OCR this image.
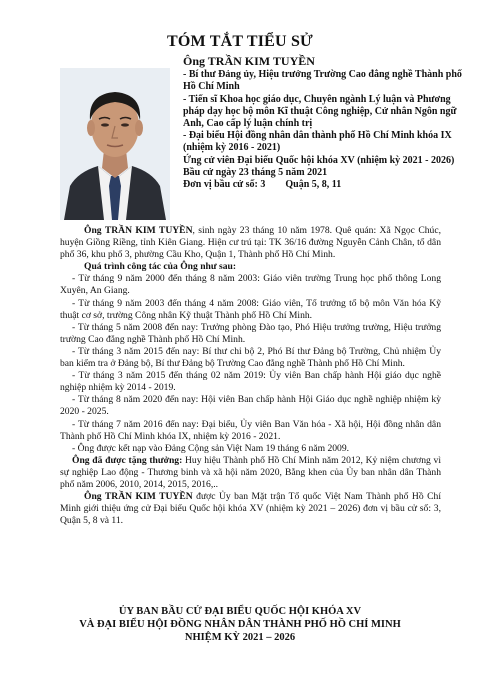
TÓM TẮT TIỂU SỬ
Ông TRẦN KIM TUYỀN

- Bí thư Đảng ủy, Hiệu trưởng Trường Cao đẳng nghề Thành phố Hồ Chí Minh

- Tiến sĩ Khoa học giáo dục, Chuyên ngành Lý luận và Phương pháp dạy học bộ môn Kĩ thuật Công nghiệp, Cử nhân Ngôn ngữ Anh, Cao cấp lý luận chính trị

- Đại biểu Hội đồng nhân dân thành phố Hồ Chí Minh khóa IX (nhiệm kỳ 2016 - 2021)

Ứng cử viên Đại biểu Quốc hội khóa XV (nhiệm kỳ 2021 - 2026)

Bầu cử ngày 23 tháng 5 năm 2021

Đơn vị bầu cử số: 3        Quận 5, 8, 11

Ông TRẦN KIM TUYỀN, sinh ngày 23 tháng 10 năm 1978. Quê quán: Xã Ngọc Chúc, huyện Giồng Riềng, tỉnh Kiên Giang. Hiện cư trú tại: TK 36/16 đường Nguyễn Cảnh Chân, tổ dân phố 36, khu phố 3, phường Cầu Kho, Quận 1, Thành phố Hồ Chí Minh.

Quá trình công tác của Ông như sau:

- Từ tháng 9 năm 2000 đến tháng 8 năm 2003: Giáo viên trường Trung học phổ thông Long Xuyên, An Giang.

- Từ tháng 9 năm 2003 đến tháng 4 năm 2008: Giáo viên, Tổ trưởng tổ bộ môn Văn hóa Kỹ thuật cơ sở, trường Công nhân Kỹ thuật Thành phố Hồ Chí Minh.

- Từ tháng 5 năm 2008 đến nay: Trưởng phòng Đào tạo, Phó Hiệu trưởng trường, Hiệu trưởng trường Cao đẳng nghề Thành phố Hồ Chí Minh.

- Từ tháng 3 năm 2015 đến nay: Bí thư chi bộ 2, Phó Bí thư Đảng bộ Trường, Chủ nhiệm Ủy ban kiểm tra ở Đảng bộ, Bí thư Đảng bộ Trường Cao đẳng nghề Thành phố Hồ Chí Minh.

- Từ tháng 3 năm 2015 đến tháng 02 năm 2019: Ủy viên Ban chấp hành Hội giáo dục nghề nghiệp nhiệm kỳ 2014 - 2019.

- Từ tháng 8 năm 2020 đến nay: Hội viên Ban chấp hành Hội Giáo dục nghề nghiệp nhiệm kỳ 2020 - 2025.

- Từ tháng 7 năm 2016 đến nay: Đại biểu, Ủy viên Ban Văn hóa - Xã hội, Hội đồng nhân dân Thành phố Hồ Chí Minh khóa IX, nhiệm kỳ 2016 - 2021.

- Ông được kết nạp vào Đảng Cộng sản Việt Nam 19 tháng 6 năm 2009.

Ông đã được tặng thưởng: Huy hiệu Thành phố Hồ Chí Minh năm 2012, Kỷ niệm chương vì sự nghiệp Lao động - Thương binh và xã hội năm 2020, Bằng khen của Ủy ban nhân dân Thành phố năm 2006, 2010, 2014, 2015, 2016,..

Ông TRẦN KIM TUYỀN được Ủy ban Mặt trận Tổ quốc Việt Nam Thành phố Hồ Chí Minh giới thiệu ứng cử Đại biểu Quốc hội khóa XV (nhiệm kỳ 2021 – 2026) đơn vị bầu cử số: 3, Quận 5, 8 và 11.

ỦY BAN BẦU CỬ ĐẠI BIỂU QUỐC HỘI KHÓA XV
VÀ ĐẠI BIỂU HỘI ĐỒNG NHÂN DÂN THÀNH PHỐ HỒ CHÍ MINH
NHIỆM KỲ 2021 – 2026
